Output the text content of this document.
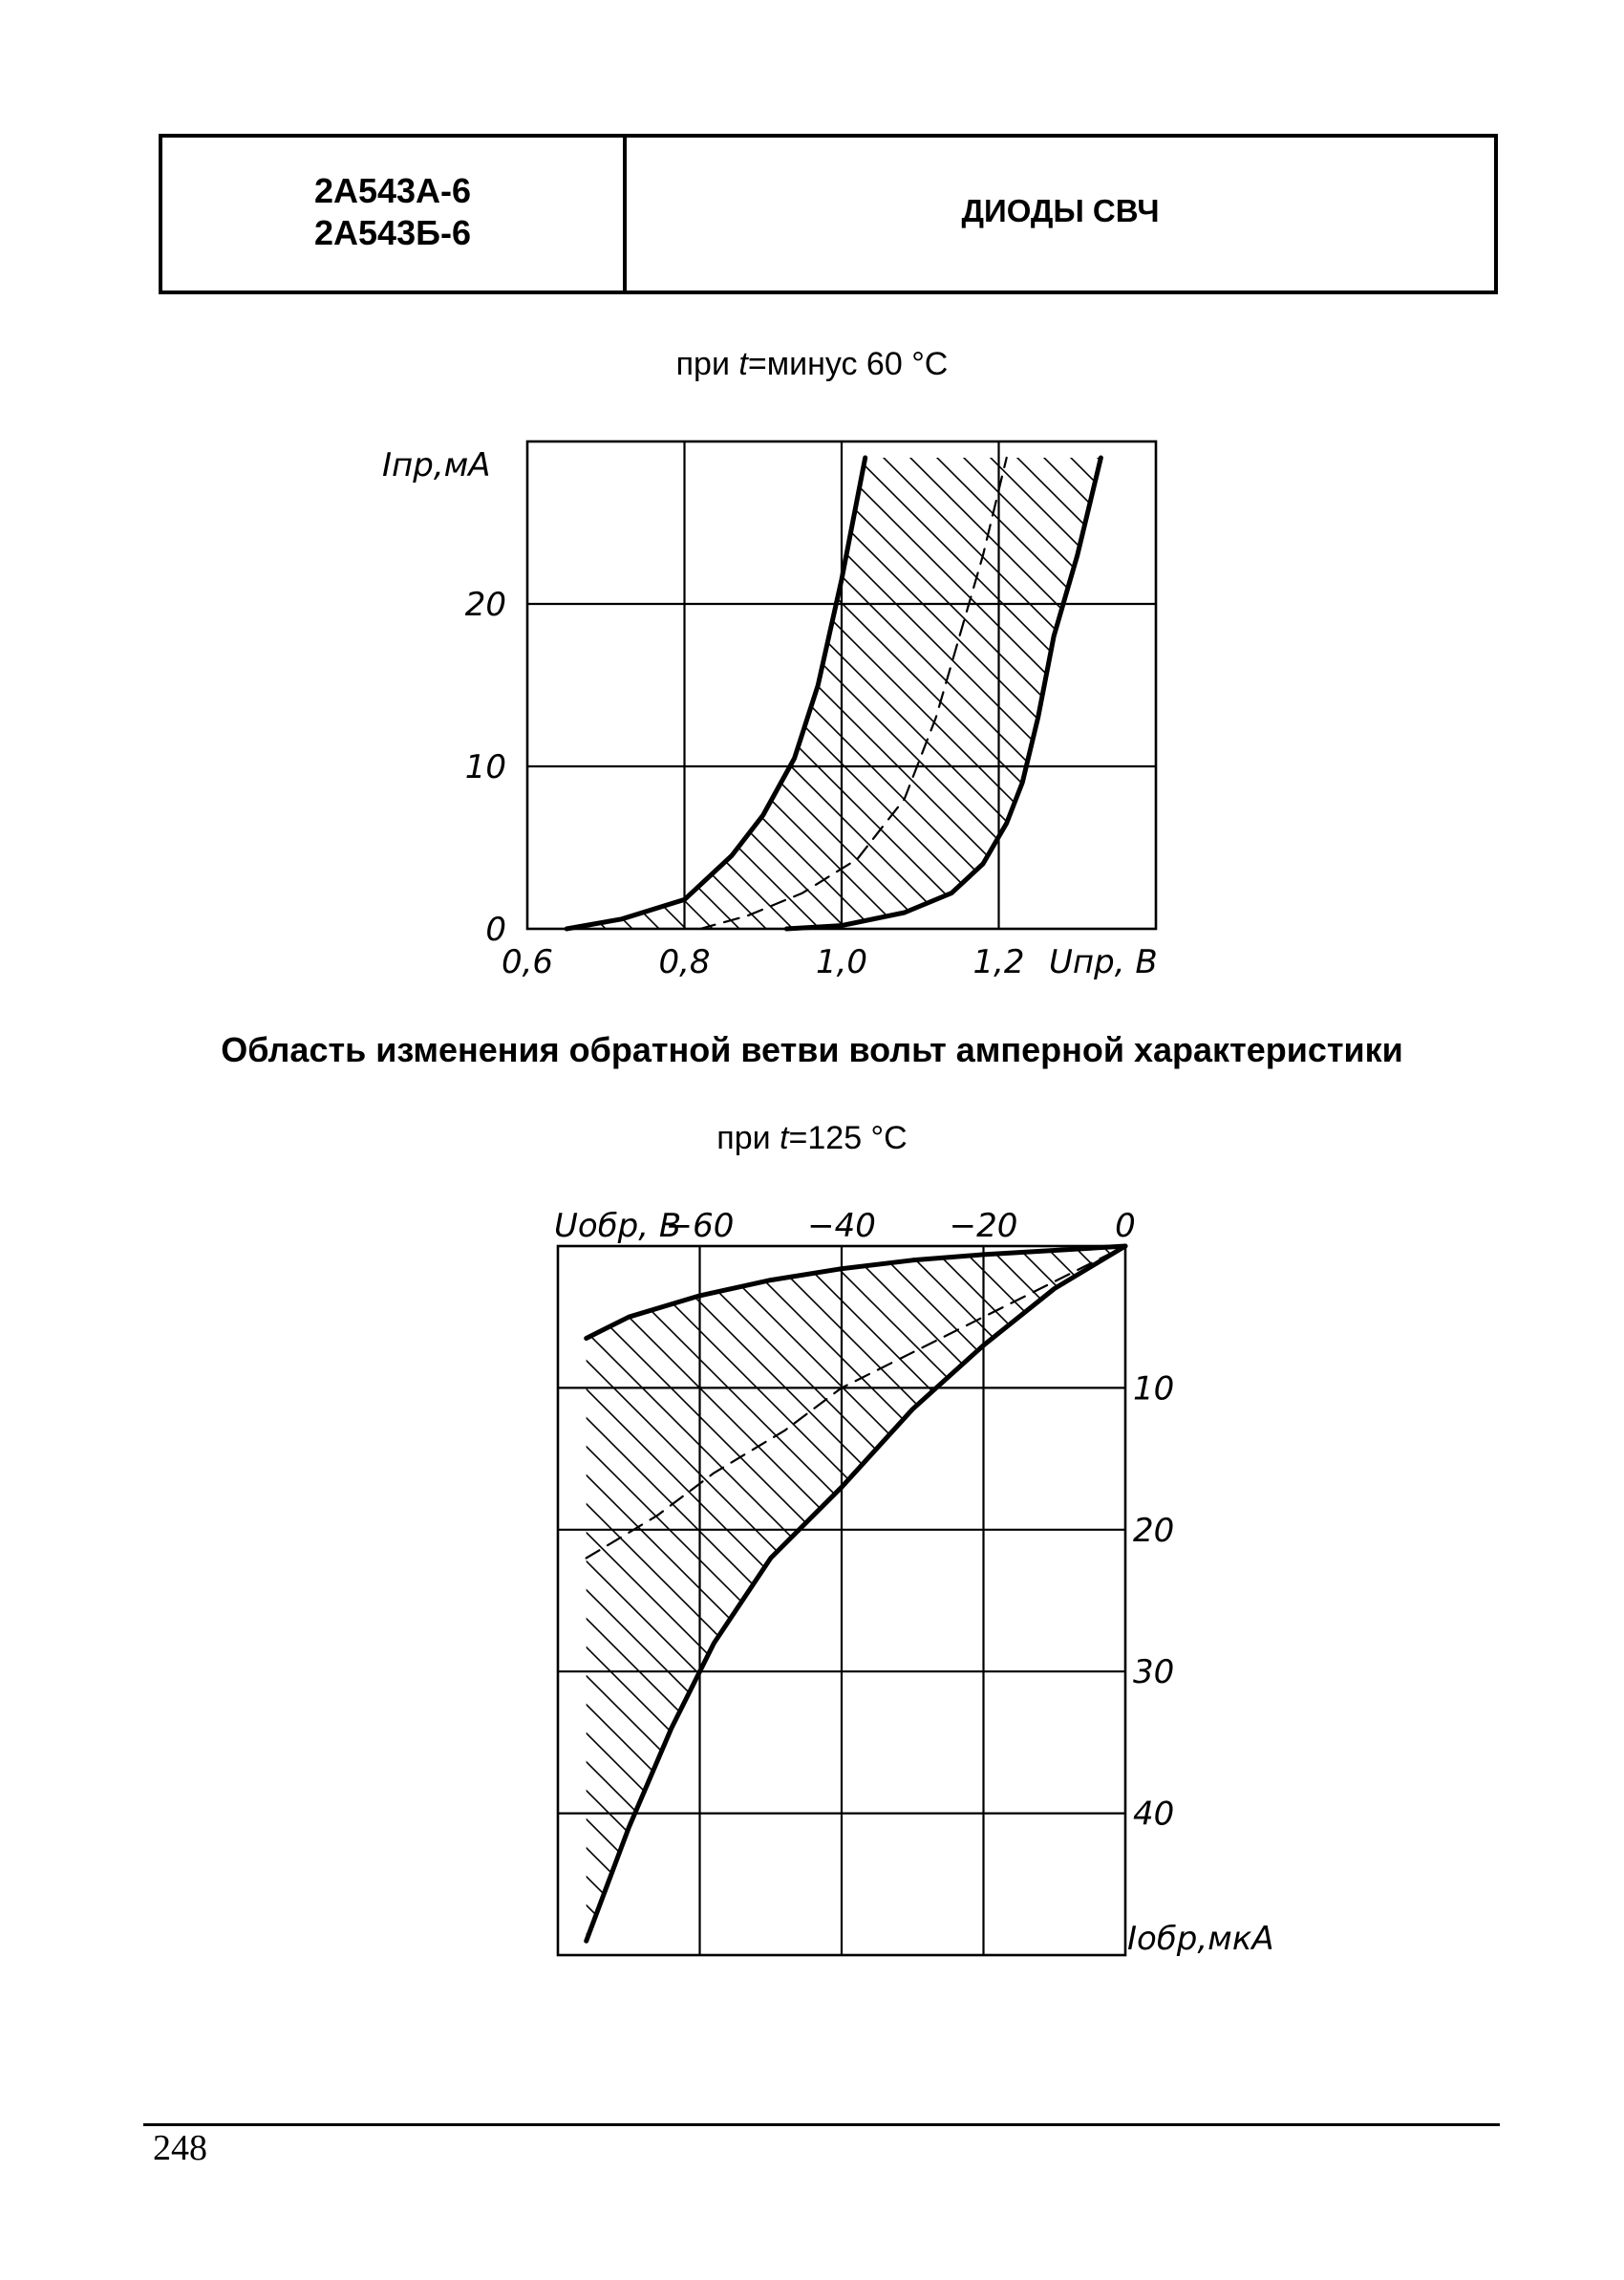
2А543А-6
2А543Б-6
ДИОДЫ СВЧ
при t=минус 60 °С
Область изменения обратной ветви вольт амперной характеристики
при t=125 °С
0,6	0,8	1,0	1,2
0
10
20
−60 −40 −20	0
10
20
30
40
Iпр,мА
Uпр, В
Uобр, В
Iобр,мкА
248
